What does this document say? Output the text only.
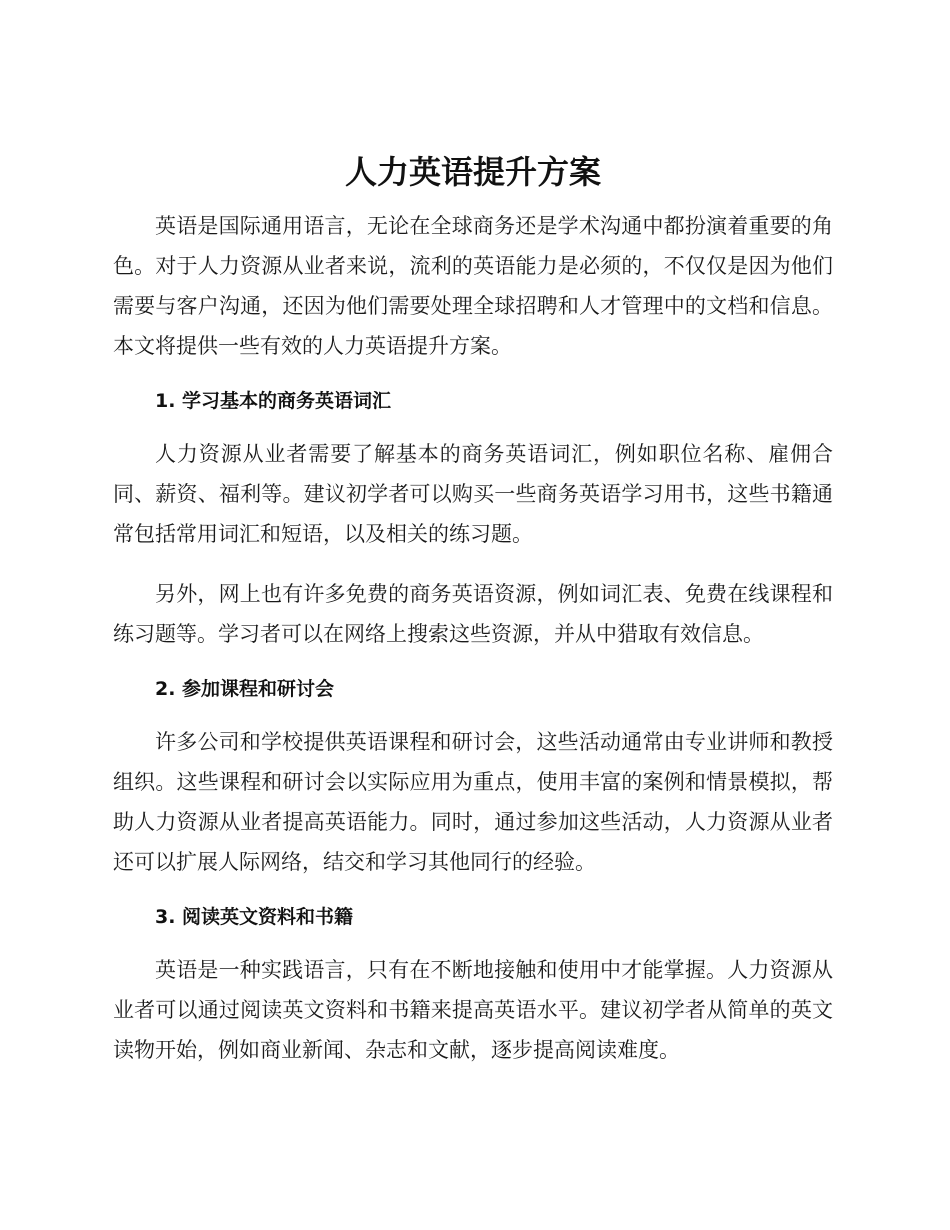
人力英语提升方案

英语是国际通用语言，无论在全球商务还是学术沟通中都扮演着重要的角色。对于人力资源从业者来说，流利的英语能力是必须的，不仅仅是因为他们需要与客户沟通，还因为他们需要处理全球招聘和人才管理中的文档和信息。本文将提供一些有效的人力英语提升方案。

1. 学习基本的商务英语词汇

人力资源从业者需要了解基本的商务英语词汇，例如职位名称、雇佣合同、薪资、福利等。建议初学者可以购买一些商务英语学习用书，这些书籍通常包括常用词汇和短语，以及相关的练习题。

另外，网上也有许多免费的商务英语资源，例如词汇表、免费在线课程和练习题等。学习者可以在网络上搜索这些资源，并从中猎取有效信息。

2. 参加课程和研讨会

许多公司和学校提供英语课程和研讨会，这些活动通常由专业讲师和教授组织。这些课程和研讨会以实际应用为重点，使用丰富的案例和情景模拟，帮助人力资源从业者提高英语能力。同时，通过参加这些活动，人力资源从业者还可以扩展人际网络，结交和学习其他同行的经验。

3. 阅读英文资料和书籍

英语是一种实践语言，只有在不断地接触和使用中才能掌握。人力资源从业者可以通过阅读英文资料和书籍来提高英语水平。建议初学者从简单的英文读物开始，例如商业新闻、杂志和文献，逐步提高阅读难度。
